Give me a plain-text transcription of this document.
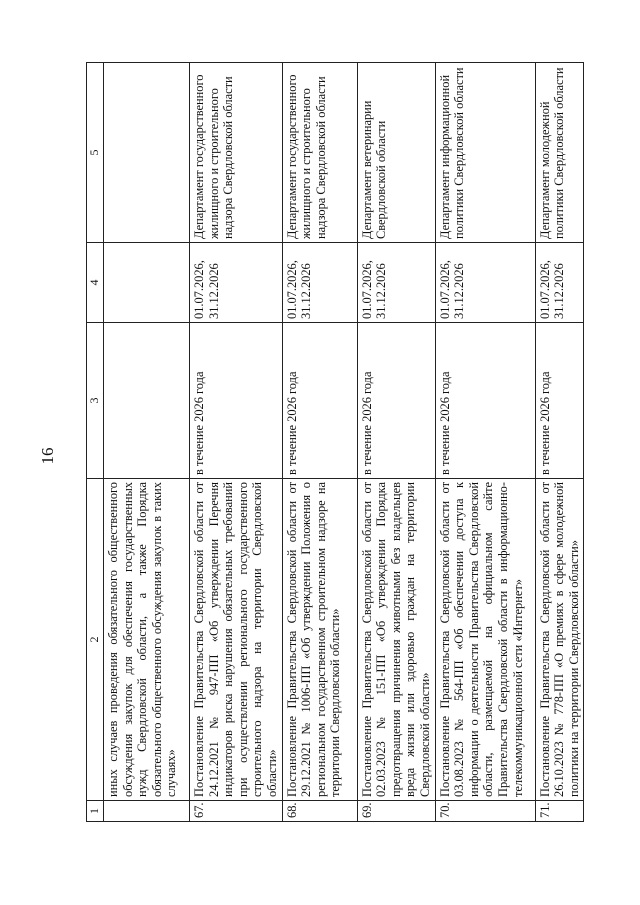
16
1	2	3	4	5
	иных случаев проведения обязательного общественного обсуждения закупок для обеспечения государственных нужд Свердловской области, а также Порядка обязательного общественного обсуждения закупок в таких случаях»			
67.	Постановление Правительства Свердловской области от 24.12.2021 № 947-ПП «Об утверждении Перечня индикаторов риска нарушения обязательных требований при осуществлении регионального государственного строительного надзора на территории Свердловской области»	в течение 2026 года	01.07.2026, 31.12.2026	Департамент государственного жилищного и строительного надзора Свердловской области
68.	Постановление Правительства Свердловской области от 29.12.2021 № 1006-ПП «Об утверждении Положения о региональном государственном строительном надзоре на территории Свердловской области»	в течение 2026 года	01.07.2026, 31.12.2026	Департамент государственного жилищного и строительного надзора Свердловской области
69.	Постановление Правительства Свердловской области от 02.03.2023 № 151-ПП «Об утверждении Порядка предотвращения причинения животными без владельцев вреда жизни или здоровью граждан на территории Свердловской области»	в течение 2026 года	01.07.2026, 31.12.2026	Департамент ветеринарии Свердловской области
70.	Постановление Правительства Свердловской области от 03.08.2023 № 564-ПП «Об обеспечении доступа к информации о деятельности Правительства Свердловской области, размещаемой на официальном сайте Правительства Свердловской области в информационно-телекоммуникационной сети «Интернет»	в течение 2026 года	01.07.2026, 31.12.2026	Департамент информационной политики Свердловской области
71.	Постановление Правительства Свердловской области от 26.10.2023 № 778-ПП «О премиях в сфере молодежной политики на территории Свердловской области»	в течение 2026 года	01.07.2026, 31.12.2026	Департамент молодежной политики Свердловской области
